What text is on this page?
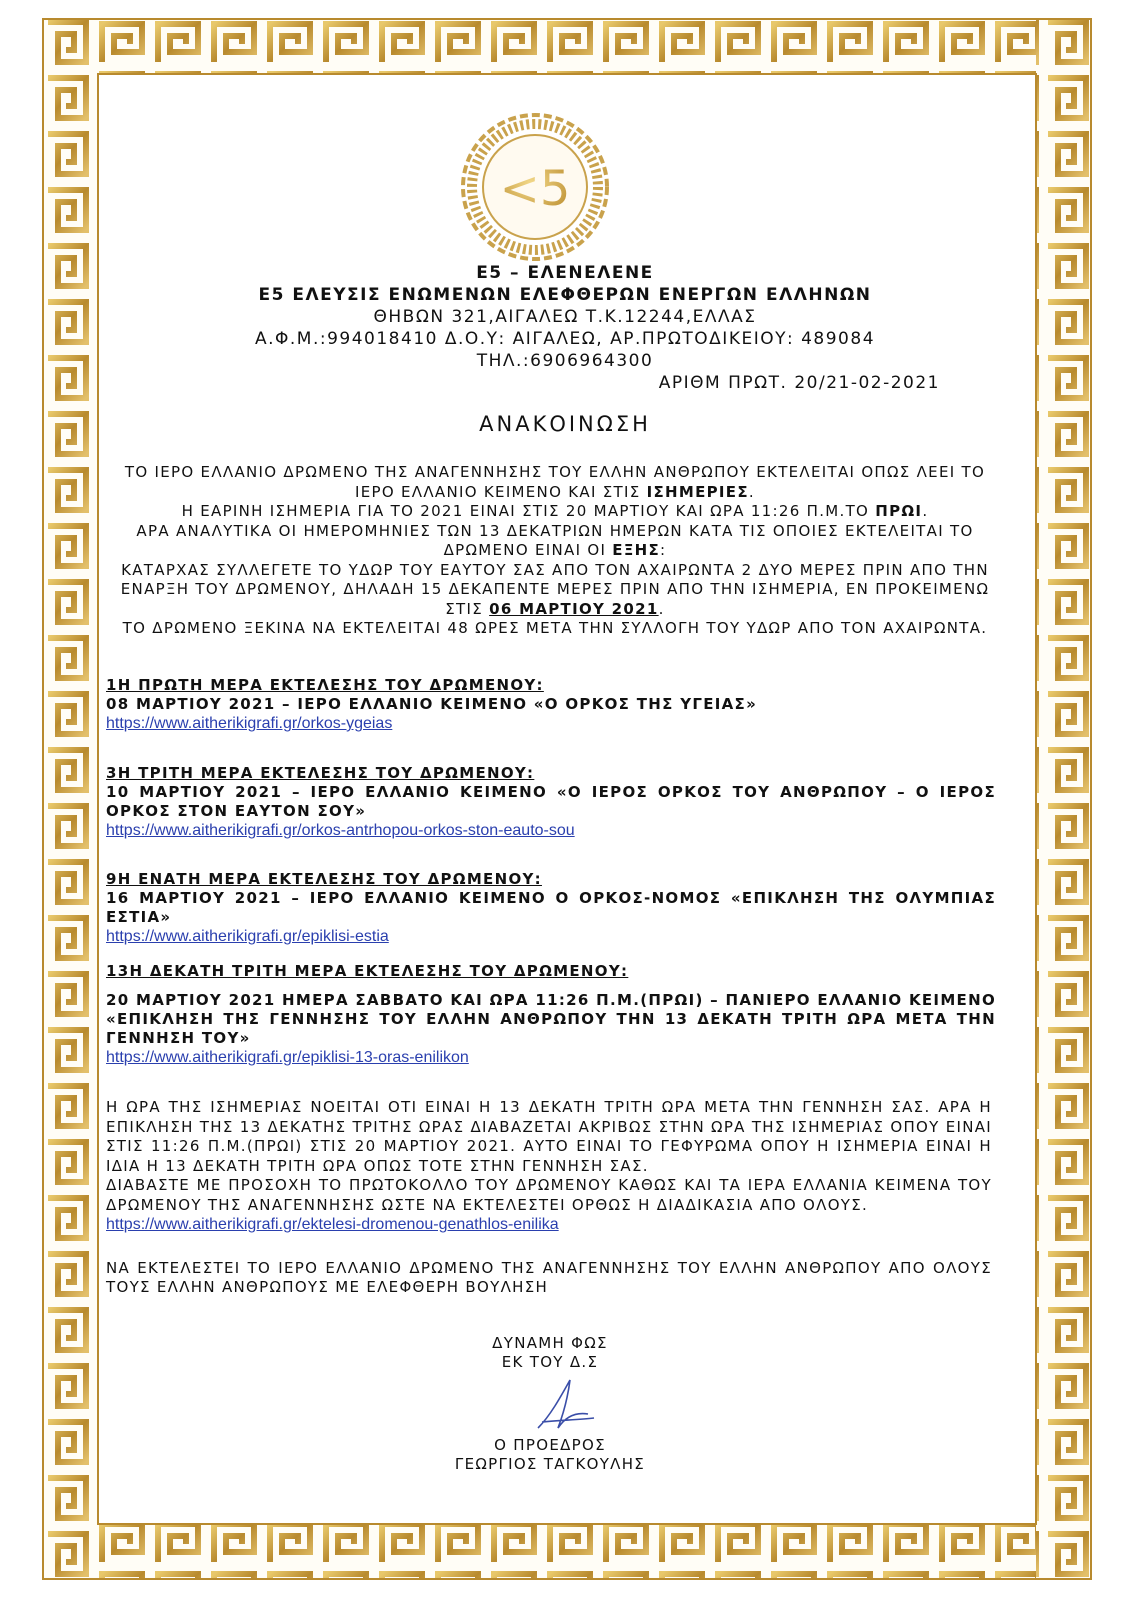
<5
Ε5 – ΕΛΕΝΕΛΕΝΕ
Ε5 ΕΛΕΥΣΙΣ ΕΝΩΜΕΝΩΝ ΕΛΕΦΘΕΡΩΝ ΕΝΕΡΓΩΝ ΕΛΛΗΝΩΝ
ΘΗΒΩΝ 321,ΑΙΓΑΛΕΩ Τ.Κ.12244,ΕΛΛΑΣ
Α.Φ.Μ.:994018410 Δ.Ο.Υ: ΑΙΓΑΛΕΩ, ΑΡ.ΠΡΩΤΟΔΙΚΕΙΟΥ: 489084
ΤΗΛ.:6906964300
ΑΡΙΘΜ ΠΡΩΤ. 20/21-02-2021
ΑΝΑΚΟΙΝΩΣΗ
ΤΟ ΙΕΡΟ ΕΛΛΑΝΙΟ ΔΡΩΜΕΝΟ ΤΗΣ ΑΝΑΓΕΝΝΗΣΗΣ ΤΟΥ ΕΛΛΗΝ ΑΝΘΡΩΠΟΥ ΕΚΤΕΛΕΙΤΑΙ ΟΠΩΣ ΛΕΕΙ ΤΟ ΙΕΡΟ ΕΛΛΑΝΙΟ ΚΕΙΜΕΝΟ ΚΑΙ ΣΤΙΣ ΙΣΗΜΕΡΙΕΣ.
Η ΕΑΡΙΝΗ ΙΣΗΜΕΡΙΑ ΓΙΑ ΤΟ 2021 ΕΙΝΑΙ ΣΤΙΣ 20 ΜΑΡΤΙΟΥ ΚΑΙ ΩΡΑ 11:26 Π.Μ.ΤΟ ΠΡΩΙ.
ΑΡΑ ΑΝΑΛΥΤΙΚΑ ΟΙ ΗΜΕΡΟΜΗΝΙΕΣ ΤΩΝ 13 ΔΕΚΑΤΡΙΩΝ ΗΜΕΡΩΝ ΚΑΤΑ ΤΙΣ ΟΠΟΙΕΣ ΕΚΤΕΛΕΙΤΑΙ ΤΟ ΔΡΩΜΕΝΟ ΕΙΝΑΙ ΟΙ ΕΞΗΣ:
ΚΑΤΑΡΧΑΣ ΣΥΛΛΕΓΕΤΕ ΤΟ ΥΔΩΡ ΤΟΥ ΕΑΥΤΟΥ ΣΑΣ ΑΠΟ ΤΟΝ ΑΧΑΙΡΩΝΤΑ 2 ΔΥΟ ΜΕΡΕΣ ΠΡΙΝ ΑΠΟ ΤΗΝ ΕΝΑΡΞΗ ΤΟΥ ΔΡΩΜΕΝΟΥ, ΔΗΛΑΔΗ 15 ΔΕΚΑΠΕΝΤΕ ΜΕΡΕΣ ΠΡΙΝ ΑΠΟ ΤΗΝ ΙΣΗΜΕΡΙΑ, ΕΝ ΠΡΟΚΕΙΜΕΝΩ ΣΤΙΣ 06 ΜΑΡΤΙΟΥ 2021.
ΤΟ ΔΡΩΜΕΝΟ ΞΕΚΙΝΑ ΝΑ ΕΚΤΕΛΕΙΤΑΙ 48 ΩΡΕΣ ΜΕΤΑ ΤΗΝ ΣΥΛΛΟΓΗ ΤΟΥ ΥΔΩΡ ΑΠΟ ΤΟΝ ΑΧΑΙΡΩΝΤΑ.
1Η ΠΡΩΤΗ ΜΕΡΑ ΕΚΤΕΛΕΣΗΣ ΤΟΥ ΔΡΩΜΕΝΟΥ:
08 ΜΑΡΤΙΟΥ 2021 – ΙΕΡΟ ΕΛΛΑΝΙΟ ΚΕΙΜΕΝΟ «Ο ΟΡΚΟΣ ΤΗΣ ΥΓΕΙΑΣ»
https://www.aitherikigrafi.gr/orkos-ygeias
3Η ΤΡΙΤΗ ΜΕΡΑ ΕΚΤΕΛΕΣΗΣ ΤΟΥ ΔΡΩΜΕΝΟΥ:
10 ΜΑΡΤΙΟΥ 2021 – ΙΕΡΟ ΕΛΛΑΝΙΟ ΚΕΙΜΕΝΟ «Ο ΙΕΡΟΣ ΟΡΚΟΣ ΤΟΥ ΑΝΘΡΩΠΟΥ – Ο ΙΕΡΟΣ ΟΡΚΟΣ ΣΤΟΝ ΕΑΥΤΟΝ ΣΟΥ»
https://www.aitherikigrafi.gr/orkos-antrhopou-orkos-ston-eauto-sou
9Η ΕΝΑΤΗ ΜΕΡΑ ΕΚΤΕΛΕΣΗΣ ΤΟΥ ΔΡΩΜΕΝΟΥ:
16 ΜΑΡΤΙΟΥ 2021 – ΙΕΡΟ ΕΛΛΑΝΙΟ ΚΕΙΜΕΝΟ Ο ΟΡΚΟΣ-ΝΟΜΟΣ «ΕΠΙΚΛΗΣΗ ΤΗΣ ΟΛΥΜΠΙΑΣ ΕΣΤΙΑ»
https://www.aitherikigrafi.gr/epiklisi-estia
13Η ΔΕΚΑΤΗ ΤΡΙΤΗ ΜΕΡΑ ΕΚΤΕΛΕΣΗΣ ΤΟΥ ΔΡΩΜΕΝΟΥ:
20 ΜΑΡΤΙΟΥ 2021 ΗΜΕΡΑ ΣΑΒΒΑΤΟ ΚΑΙ ΩΡΑ 11:26 Π.Μ.(ΠΡΩΙ) – ΠΑΝΙΕΡΟ ΕΛΛΑΝΙΟ ΚΕΙΜΕΝΟ «ΕΠΙΚΛΗΣΗ ΤΗΣ ΓΕΝΝΗΣΗΣ ΤΟΥ ΕΛΛΗΝ ΑΝΘΡΩΠΟΥ ΤΗΝ 13 ΔΕΚΑΤΗ ΤΡΙΤΗ ΩΡΑ ΜΕΤΑ ΤΗΝ ΓΕΝΝΗΣΗ ΤΟΥ»
https://www.aitherikigrafi.gr/epiklisi-13-oras-enilikon
Η ΩΡΑ ΤΗΣ ΙΣΗΜΕΡΙΑΣ ΝΟΕΙΤΑΙ ΟΤΙ ΕΙΝΑΙ Η 13 ΔΕΚΑΤΗ ΤΡΙΤΗ ΩΡΑ ΜΕΤΑ ΤΗΝ ΓΕΝΝΗΣΗ ΣΑΣ. ΑΡΑ Η ΕΠΙΚΛΗΣΗ ΤΗΣ 13 ΔΕΚΑΤΗΣ ΤΡΙΤΗΣ ΩΡΑΣ ΔΙΑΒΑΖΕΤΑΙ ΑΚΡΙΒΩΣ ΣΤΗΝ ΩΡΑ ΤΗΣ ΙΣΗΜΕΡΙΑΣ ΟΠΟΥ ΕΙΝΑΙ ΣΤΙΣ 11:26 Π.Μ.(ΠΡΩΙ) ΣΤΙΣ 20 ΜΑΡΤΙΟΥ 2021. ΑΥΤΟ ΕΙΝΑΙ ΤΟ ΓΕΦΥΡΩΜΑ ΟΠΟΥ Η ΙΣΗΜΕΡΙΑ ΕΙΝΑΙ Η ΙΔΙΑ Η 13 ΔΕΚΑΤΗ ΤΡΙΤΗ ΩΡΑ ΟΠΩΣ ΤΟΤΕ ΣΤΗΝ ΓΕΝΝΗΣΗ ΣΑΣ.
ΔΙΑΒΑΣΤΕ ΜΕ ΠΡΟΣΟΧΗ ΤΟ ΠΡΩΤΟΚΟΛΛΟ ΤΟΥ ΔΡΩΜΕΝΟΥ ΚΑΘΩΣ ΚΑΙ ΤΑ ΙΕΡΑ ΕΛΛΑΝΙΑ ΚΕΙΜΕΝΑ ΤΟΥ ΔΡΩΜΕΝΟΥ ΤΗΣ ΑΝΑΓΕΝΝΗΣΗΣ ΩΣΤΕ ΝΑ ΕΚΤΕΛΕΣΤΕΙ ΟΡΘΩΣ Η ΔΙΑΔΙΚΑΣΙΑ ΑΠΟ ΟΛΟΥΣ.
https://www.aitherikigrafi.gr/ektelesi-dromenou-genathlos-enilika
ΝΑ ΕΚΤΕΛΕΣΤΕΙ ΤΟ ΙΕΡΟ ΕΛΛΑΝΙΟ ΔΡΩΜΕΝΟ ΤΗΣ ΑΝΑΓΕΝΝΗΣΗΣ ΤΟΥ ΕΛΛΗΝ ΑΝΘΡΩΠΟΥ ΑΠΟ ΟΛΟΥΣ ΤΟΥΣ ΕΛΛΗΝ ΑΝΘΡΩΠΟΥΣ ΜΕ ΕΛΕΦΘΕΡΗ ΒΟΥΛΗΣΗ
ΔΥΝΑΜΗ ΦΩΣ
ΕΚ ΤΟΥ Δ.Σ
Ο ΠΡΟΕΔΡΟΣ
ΓΕΩΡΓΙΟΣ ΤΑΓΚΟΥΛΗΣ
